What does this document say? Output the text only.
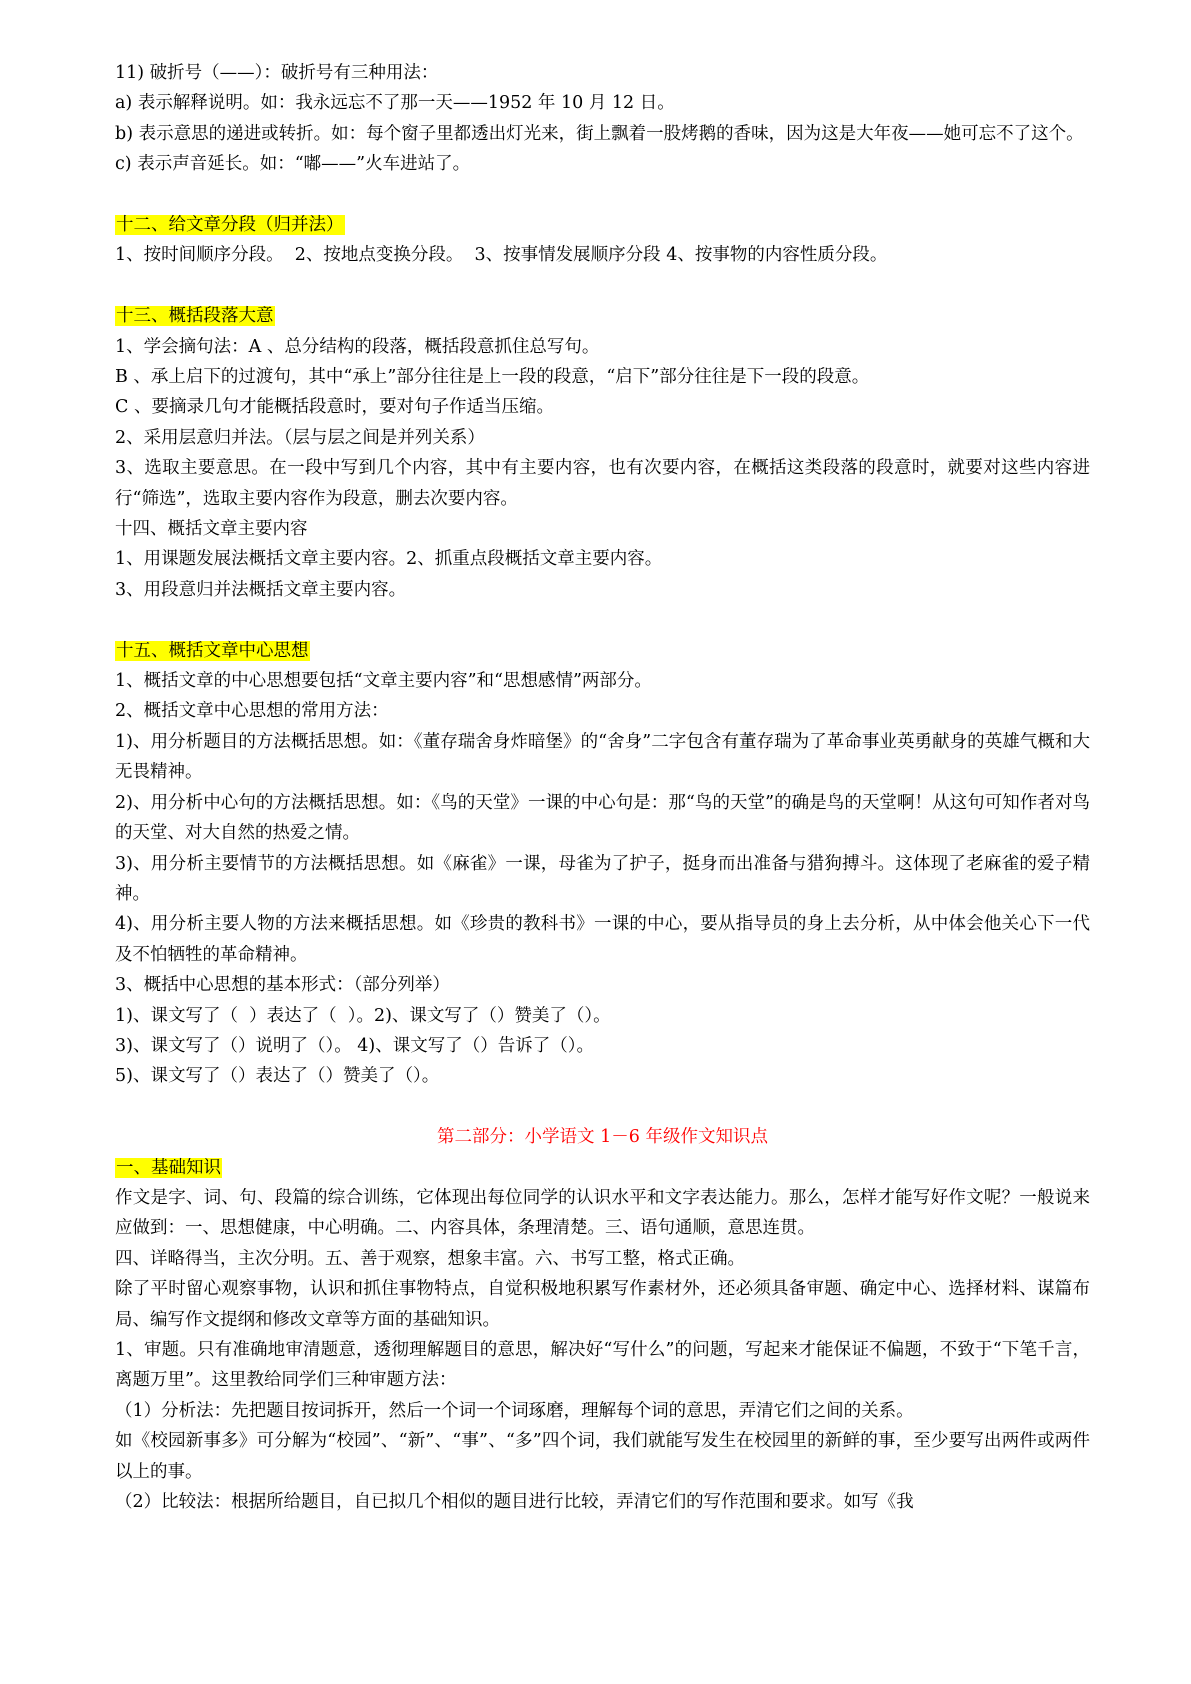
11) 破折号（——）：破折号有三种用法：

a) 表示解释说明。如：我永远忘不了那一天——1952 年 10 月 12 日。

b) 表示意思的递进或转折。如：每个窗子里都透出灯光来，街上飘着一股烤鹅的香味，因为这是大年夜——她可忘不了这个。

c) 表示声音延长。如：“嘟——”火车进站了。

十二、给文章分段（归并法）

1、按时间顺序分段。  2、按地点变换分段。  3、按事情发展顺序分段 4、按事物的内容性质分段。

十三、概括段落大意

1、学会摘句法：A 、总分结构的段落，概括段意抓住总写句。

B 、承上启下的过渡句，其中“承上”部分往往是上一段的段意，“启下”部分往往是下一段的段意。

C 、要摘录几句才能概括段意时，要对句子作适当压缩。

2、采用层意归并法。（层与层之间是并列关系）

3、选取主要意思。在一段中写到几个内容，其中有主要内容，也有次要内容，在概括这类段落的段意时，就要对这些内容进行“筛选”，选取主要内容作为段意，删去次要内容。

十四、概括文章主要内容

1、用课题发展法概括文章主要内容。2、抓重点段概括文章主要内容。

3、用段意归并法概括文章主要内容。

十五、概括文章中心思想

1、概括文章的中心思想要包括“文章主要内容”和“思想感情”两部分。

2、概括文章中心思想的常用方法：

1)、用分析题目的方法概括思想。如：《董存瑞舍身炸暗堡》的“舍身”二字包含有董存瑞为了革命事业英勇献身的英雄气概和大无畏精神。

2)、用分析中心句的方法概括思想。如：《鸟的天堂》一课的中心句是：那“鸟的天堂”的确是鸟的天堂啊！从这句可知作者对鸟的天堂、对大自然的热爱之情。

3)、用分析主要情节的方法概括思想。如《麻雀》一课，母雀为了护子，挺身而出准备与猎狗搏斗。这体现了老麻雀的爱子精神。

4)、用分析主要人物的方法来概括思想。如《珍贵的教科书》一课的中心，要从指导员的身上去分析，从中体会他关心下一代及不怕牺牲的革命精神。

3、概括中心思想的基本形式：（部分列举）

1)、课文写了（  ）表达了（  ）。2)、课文写了（）赞美了（）。

3)、课文写了（）说明了（）。 4)、课文写了（）告诉了（）。

5)、课文写了（）表达了（）赞美了（）。

第二部分：小学语文 1－6 年级作文知识点

一、基础知识

作文是字、词、句、段篇的综合训练，它体现出每位同学的认识水平和文字表达能力。那么，怎样才能写好作文呢？一般说来应做到：一、思想健康，中心明确。二、内容具体，条理清楚。三、语句通顺，意思连贯。

四、详略得当，主次分明。五、善于观察，想象丰富。六、书写工整，格式正确。

除了平时留心观察事物，认识和抓住事物特点，自觉积极地积累写作素材外，还必须具备审题、确定中心、选择材料、谋篇布局、编写作文提纲和修改文章等方面的基础知识。

1、审题。只有准确地审清题意，透彻理解题目的意思，解决好“写什么”的问题，写起来才能保证不偏题，不致于“下笔千言，离题万里”。这里教给同学们三种审题方法：

（1）分析法：先把题目按词拆开，然后一个词一个词琢磨，理解每个词的意思，弄清它们之间的关系。

如《校园新事多》可分解为“校园”、“新”、“事”、“多”四个词，我们就能写发生在校园里的新鲜的事，至少要写出两件或两件以上的事。

（2）比较法：根据所给题目，自已拟几个相似的题目进行比较，弄清它们的写作范围和要求。如写《我
